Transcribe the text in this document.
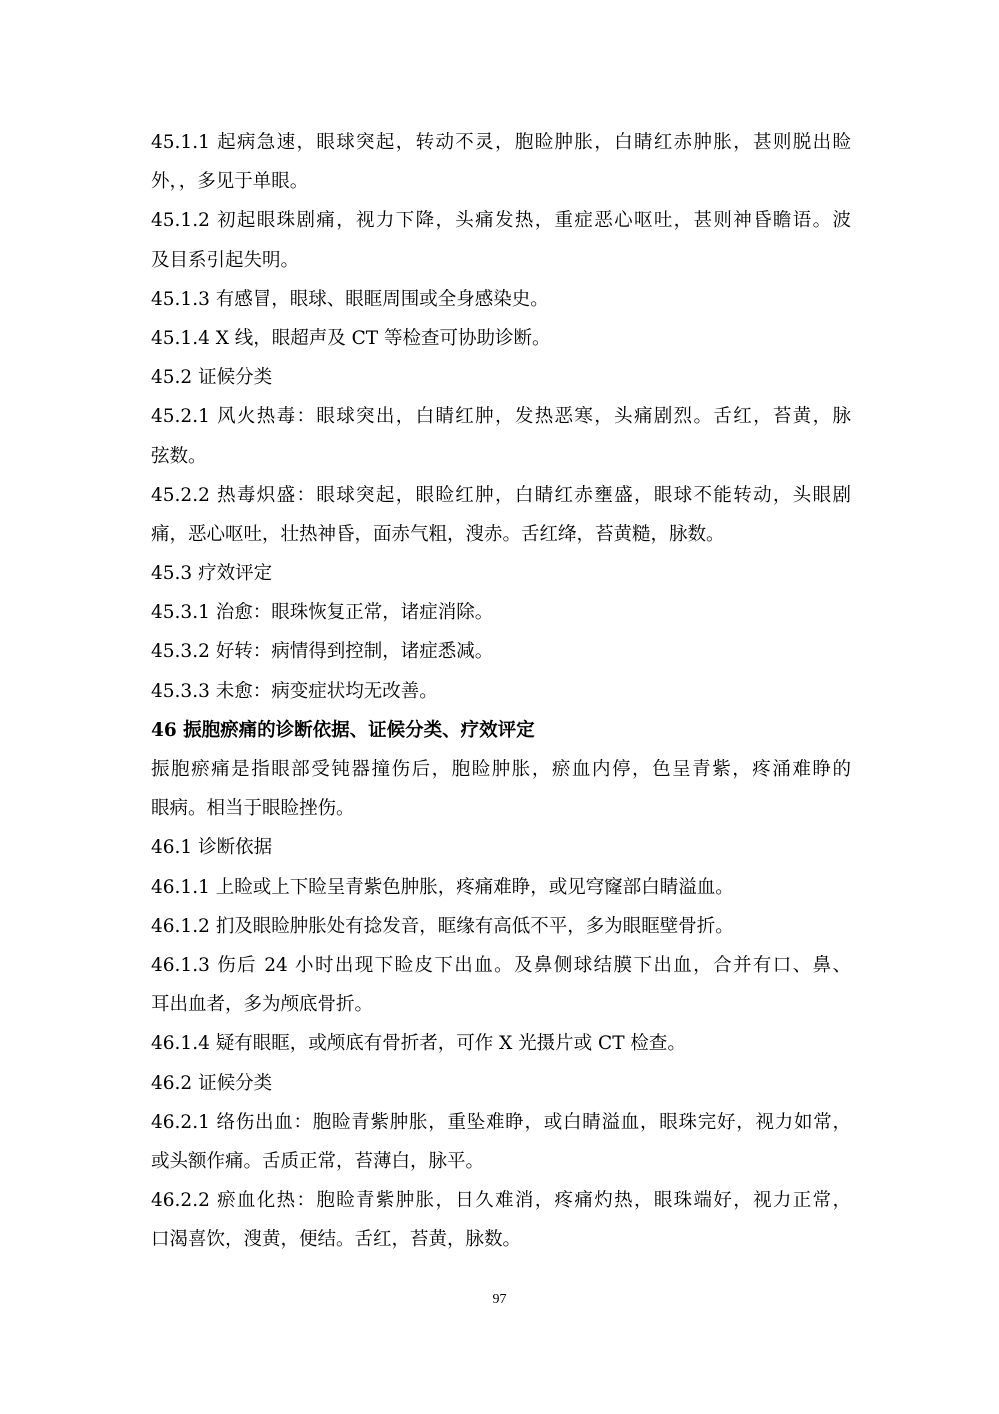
45.1.1 起病急速，眼球突起，转动不灵，胞睑肿胀，白睛红赤肿胀，甚则脱出睑
外，，多见于单眼。
45.1.2 初起眼珠剧痛，视力下降，头痛发热，重症恶心呕吐，甚则神昏瞻语。波
及目系引起失明。
45.1.3 有感冒，眼球、眼眶周围或全身感染史。
45.1.4 X 线，眼超声及 CT 等检查可协助诊断。
45.2 证候分类
45.2.1 风火热毒：眼球突出，白睛红肿，发热恶寒，头痛剧烈。舌红，苔黄，脉
弦数。
45.2.2 热毒炽盛：眼球突起，眼睑红肿，白睛红赤壅盛，眼球不能转动，头眼剧
痛，恶心呕吐，壮热神昏，面赤气粗，溲赤。舌红绛，苔黄糙，脉数。
45.3 疗效评定
45.3.1 治愈：眼珠恢复正常，诸症消除。
45.3.2 好转：病情得到控制，诸症悉减。
45.3.3 未愈：病变症状均无改善。
46 振胞瘀痛的诊断依据、证候分类、疗效评定
振胞瘀痛是指眼部受钝器撞伤后，胞睑肿胀，瘀血内停，色呈青紫，疼涌难睁的
眼病。相当于眼睑挫伤。
46.1 诊断依据
46.1.1 上睑或上下睑呈青紫色肿胀，疼痛难睁，或见穹窿部白睛溢血。
46.1.2 扪及眼睑肿胀处有捻发音，眶缘有高低不平，多为眼眶壁骨折。
46.1.3 伤后 24 小时出现下睑皮下出血。及鼻侧球结膜下出血，合并有口、鼻、
耳出血者，多为颅底骨折。
46.1.4 疑有眼眶，或颅底有骨折者，可作 X 光摄片或 CT 检查。
46.2 证候分类
46.2.1 络伤出血：胞睑青紫肿胀，重坠难睁，或白睛溢血，眼珠完好，视力如常，
或头额作痛。舌质正常，苔薄白，脉平。
46.2.2 瘀血化热：胞睑青紫肿胀，日久难消，疼痛灼热，眼珠端好，视力正常，
口渴喜饮，溲黄，便结。舌红，苔黄，脉数。
97
